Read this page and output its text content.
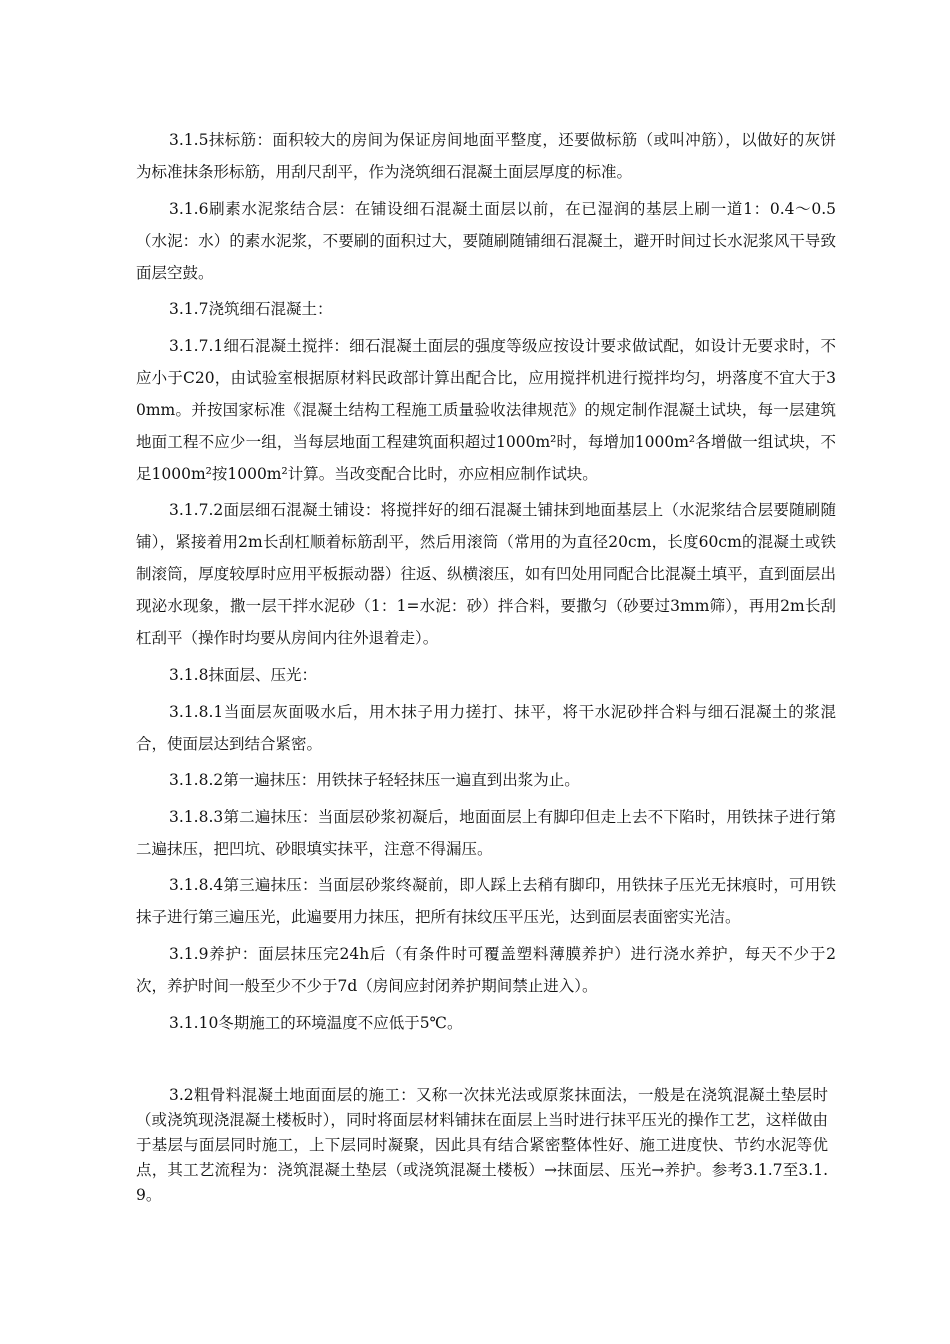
3.1.5抹标筋：面积较大的房间为保证房间地面平整度，还要做标筋（或叫冲筋），以做好的灰饼为标准抹条形标筋，用刮尺刮平，作为浇筑细石混凝土面层厚度的标准。

3.1.6刷素水泥浆结合层：在铺设细石混凝土面层以前，在已湿润的基层上刷一道1：0.4～0.5（水泥：水）的素水泥浆，不要刷的面积过大，要随刷随铺细石混凝土，避开时间过长水泥浆风干导致面层空鼓。

3.1.7浇筑细石混凝土：

3.1.7.1细石混凝土搅拌：细石混凝土面层的强度等级应按设计要求做试配，如设计无要求时，不应小于C20，由试验室根据原材料民政部计算出配合比，应用搅拌机进行搅拌均匀，坍落度不宜大于30mm。并按国家标准《混凝土结构工程施工质量验收法律规范》的规定制作混凝土试块，每一层建筑地面工程不应少一组，当每层地面工程建筑面积超过1000m²时，每增加1000m²各增做一组试块，不足1000m²按1000m²计算。当改变配合比时，亦应相应制作试块。

3.1.7.2面层细石混凝土铺设：将搅拌好的细石混凝土铺抹到地面基层上（水泥浆结合层要随刷随铺），紧接着用2m长刮杠顺着标筋刮平，然后用滚筒（常用的为直径20cm，长度60cm的混凝土或铁制滚筒，厚度较厚时应用平板振动器）往返、纵横滚压，如有凹处用同配合比混凝土填平，直到面层出现泌水现象，撒一层干拌水泥砂（1：1=水泥：砂）拌合料，要撒匀（砂要过3mm筛），再用2m长刮杠刮平（操作时均要从房间内往外退着走）。

3.1.8抹面层、压光：

3.1.8.1当面层灰面吸水后，用木抹子用力搓打、抹平，将干水泥砂拌合料与细石混凝土的浆混合，使面层达到结合紧密。

3.1.8.2第一遍抹压：用铁抹子轻轻抹压一遍直到出浆为止。

3.1.8.3第二遍抹压：当面层砂浆初凝后，地面面层上有脚印但走上去不下陷时，用铁抹子进行第二遍抹压，把凹坑、砂眼填实抹平，注意不得漏压。

3.1.8.4第三遍抹压：当面层砂浆终凝前，即人踩上去稍有脚印，用铁抹子压光无抹痕时，可用铁抹子进行第三遍压光，此遍要用力抹压，把所有抹纹压平压光，达到面层表面密实光洁。

3.1.9养护：面层抹压完24h后（有条件时可覆盖塑料薄膜养护）进行浇水养护，每天不少于2次，养护时间一般至少不少于7d（房间应封闭养护期间禁止进入）。

3.1.10冬期施工的环境温度不应低于5℃。

3.2粗骨料混凝土地面面层的施工：又称一次抹光法或原浆抹面法，一般是在浇筑混凝土垫层时（或浇筑现浇混凝土楼板时），同时将面层材料铺抹在面层上当时进行抹平压光的操作工艺，这样做由于基层与面层同时施工，上下层同时凝聚，因此具有结合紧密整体性好、施工进度快、节约水泥等优点，其工艺流程为：浇筑混凝土垫层（或浇筑混凝土楼板）→抹面层、压光→养护。参考3.1.7至3.1.9。
